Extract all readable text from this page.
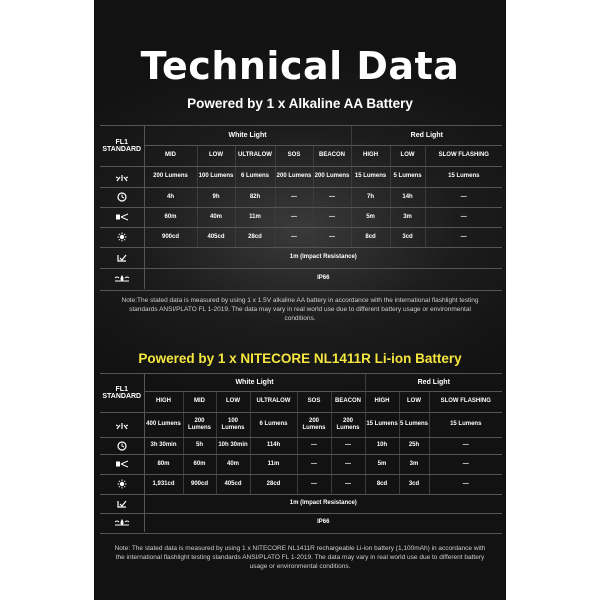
Technical Data
Powered by 1 x Alkaline AA Battery
FL1 STANDARD	White Light					Red Light		
	MID	LOW	ULTRALOW	SOS	BEACON	HIGH	LOW	SLOW FLASHING
	200 Lumens	100 Lumens	6 Lumens	200 Lumens	200 Lumens	15 Lumens	5 Lumens	15 Lumens
	4h	9h	82h	—	—	7h	14h	—
	60m	40m	11m	—	—	5m	3m	—
	900cd	405cd	28cd	—	—	8cd	3cd	—
	1m (Impact Resistance)							
	IP66							
Note:The stated data is measured by using 1 x 1.5V alkaline AA battery in accordance with the international flashlight testing standards ANSI/PLATO FL 1-2019. The data may vary in real world use due to different battery usage or environmental conditions.
Powered by 1 x NITECORE NL1411R Li-ion Battery
FL1 STANDARD	White Light						Red Light		
	HIGH	MID	LOW	ULTRALOW	SOS	BEACON	HIGH	LOW	SLOW FLASHING
	400 Lumens	200 Lumens	100 Lumens	6 Lumens	200 Lumens	200 Lumens	15 Lumens	5 Lumens	15 Lumens
	3h 30min	5h	10h 30min	114h	—	—	10h	25h	—
	80m	60m	40m	11m	—	—	5m	3m	—
	1,931cd	900cd	405cd	28cd	—	—	8cd	3cd	—
	1m (Impact Resistance)								
	IP66								
Note: The stated data is measured by using 1 x NITECORE NL1411R rechargeable Li-ion battery (1,100mAh) in accordance with the international flashlight testing standards ANSI/PLATO FL 1-2019. The data may vary in real world use due to different battery usage or environmental conditions.
